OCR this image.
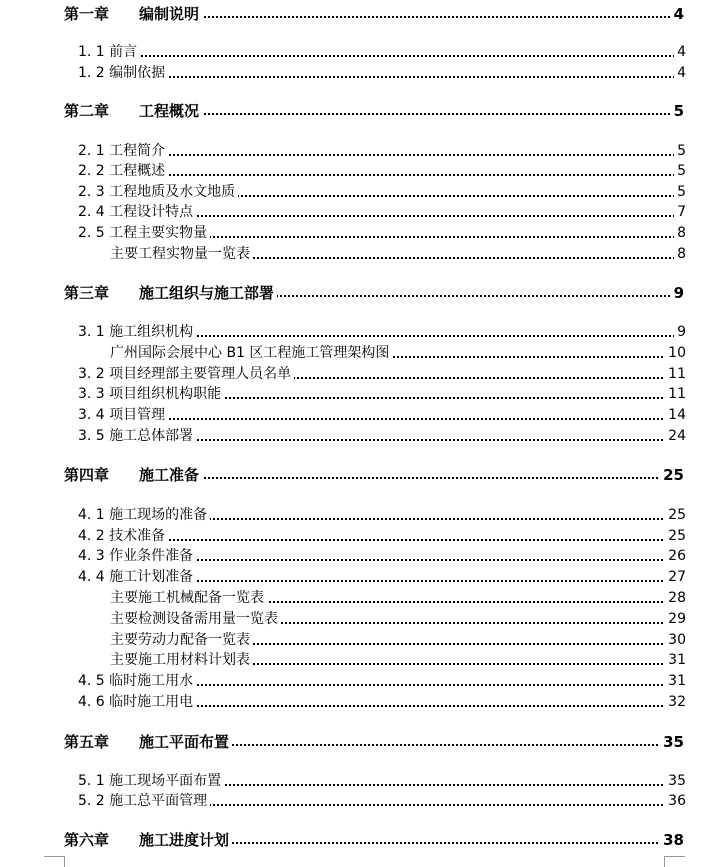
第一章 编制说明	4
1. 1 前言	4
1. 2 编制依据	4
第二章 工程概况	5
2. 1 工程简介	5
2. 2 工程概述	5
2. 3 工程地质及水文地质	5
2. 4 工程设计特点	7
2. 5 工程主要实物量	8
主要工程实物量一览表	8
第三章 施工组织与施工部署	9
3. 1 施工组织机构	9
广州国际会展中心 B1 区工程施工管理架构图	10
3. 2 项目经理部主要管理人员名单	11
3. 3 项目组织机构职能	11
3. 4 项目管理	14
3. 5 施工总体部署	24
第四章 施工准备	25
4. 1 施工现场的准备	25
4. 2 技术准备	25
4. 3 作业条件准备	26
4. 4 施工计划准备	27
主要施工机械配备一览表	28
主要检测设备需用量一览表	29
主要劳动力配备一览表	30
主要施工用材料计划表	31
4. 5 临时施工用水	31
4. 6 临时施工用电	32
第五章 施工平面布置	35
5. 1 施工现场平面布置	35
5. 2 施工总平面管理	36
第六章 施工进度计划	38
